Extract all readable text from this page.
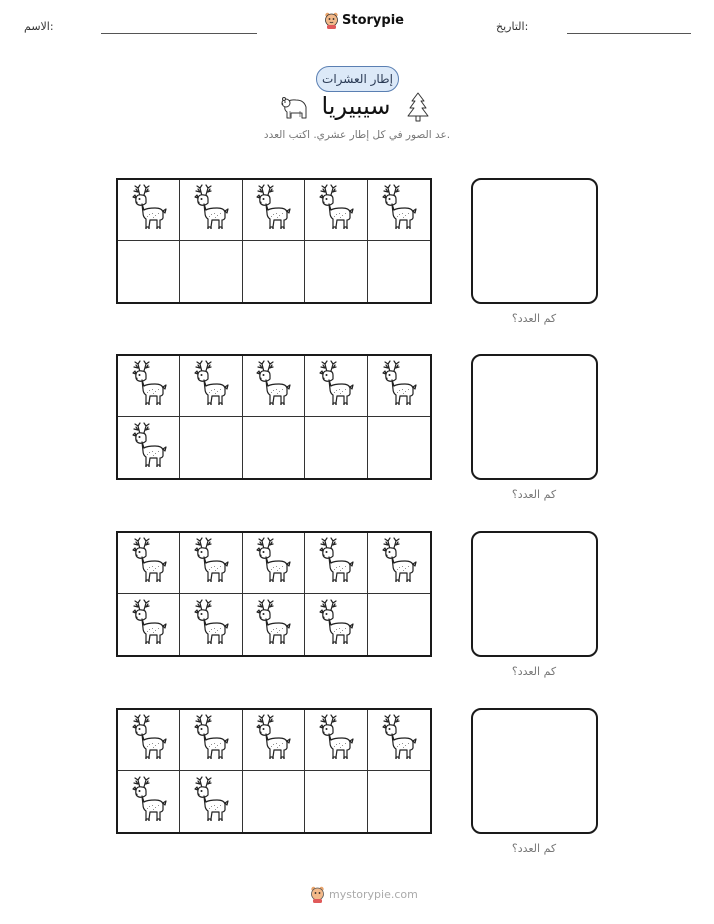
الاسم:	Storypie	التاريخ:
إطار العشرات
سيبيريا
عد الصور في كل إطار عشري. اكتب العدد.
كم العدد؟
كم العدد؟
كم العدد؟
كم العدد؟
mystorypie.com
